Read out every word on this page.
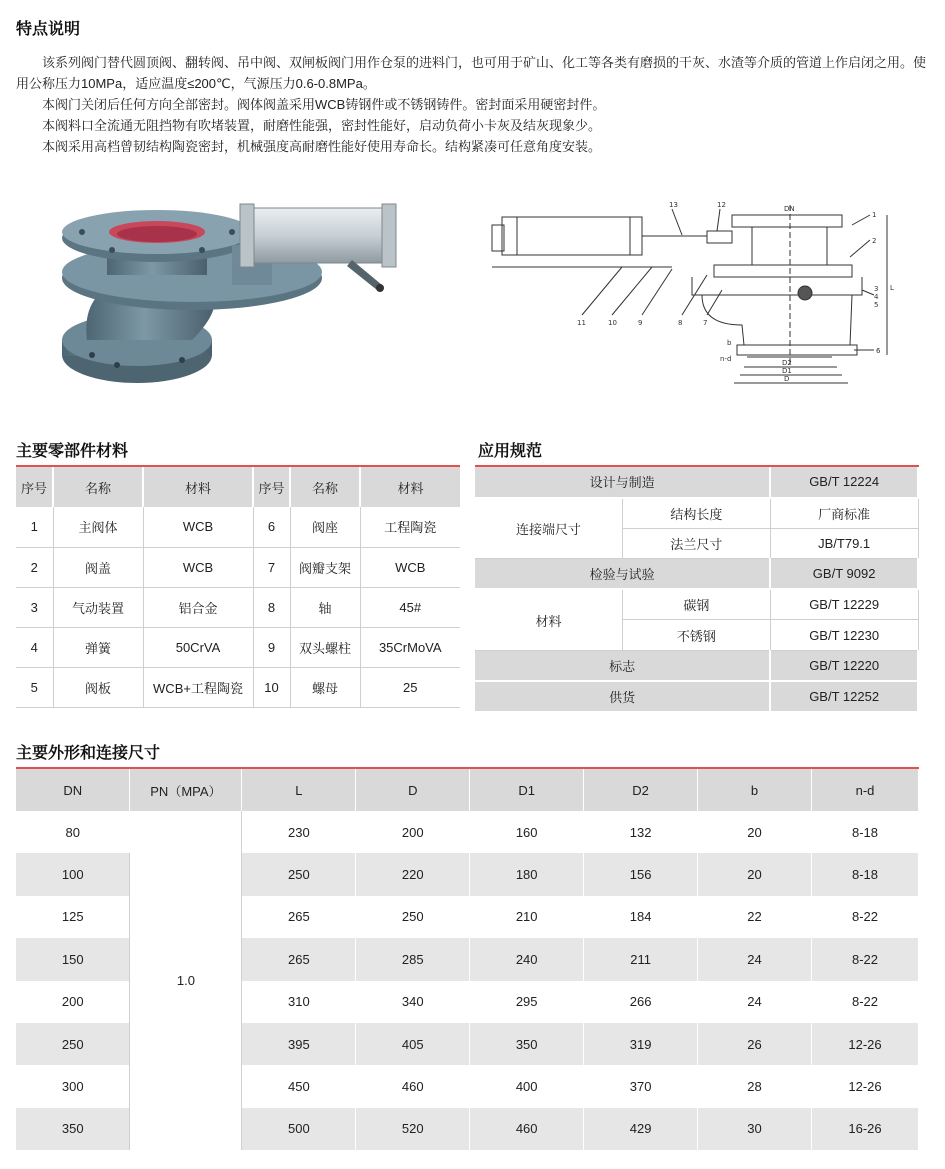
特点说明

该系列阀门替代圆顶阀、翻转阀、吊中阀、双闸板阀门用作仓泵的进料门，也可用于矿山、化工等各类有磨损的干灰、水渣等介质的管道上作启闭之用。使用公称压力10MPa，适应温度≤200℃，气源压力0.6-0.8MPa。

本阀门关闭后任何方向全部密封。阀体阀盖采用WCB铸钢件或不锈钢铸件。密封面采用硬密封件。

本阀料口全流通无阻挡物有吹堵装置，耐磨性能强，密封性能好，启动负荷小卡灰及结灰现象少。

本阀采用高档曾韧结构陶瓷密封，机械强度高耐磨性能好使用寿命长。结构紧凑可任意角度安装。

13	12	DN
1
2
3
4
5
6
11	10	9	8	7
n-d	D2
D1
D
L
b
主要零部件材料
序号	名称	材料	序号	名称	材料
1	主阀体	WCB	6	阀座	工程陶瓷
2	阀盖	WCB	7	阀瓣支架	WCB
3	气动装置	铝合金	8	轴	45#
4	弹簧	50CrVA	9	双头螺柱	35CrMoVA
5	阀板	WCB+工程陶瓷	10	螺母	25
应用规范
设计与制造		GB/T 12224
连接端尺寸	结构长度	厂商标准
	法兰尺寸	JB/T79.1
检验与试验		GB/T 9092
材料	碳钢	GB/T 12229
	不锈钢	GB/T 12230
标志		GB/T 12220
供货		GB/T 12252
主要外形和连接尺寸
DN	PN（MPA）	L	D	D1	D2	b	n-d
80	1.0	230	200	160	132	20	8-18
100		250	220	180	156	20	8-18
125		265	250	210	184	22	8-22
150		265	285	240	211	24	8-22
200		310	340	295	266	24	8-22
250		395	405	350	319	26	12-26
300		450	460	400	370	28	12-26
350		500	520	460	429	30	16-26
